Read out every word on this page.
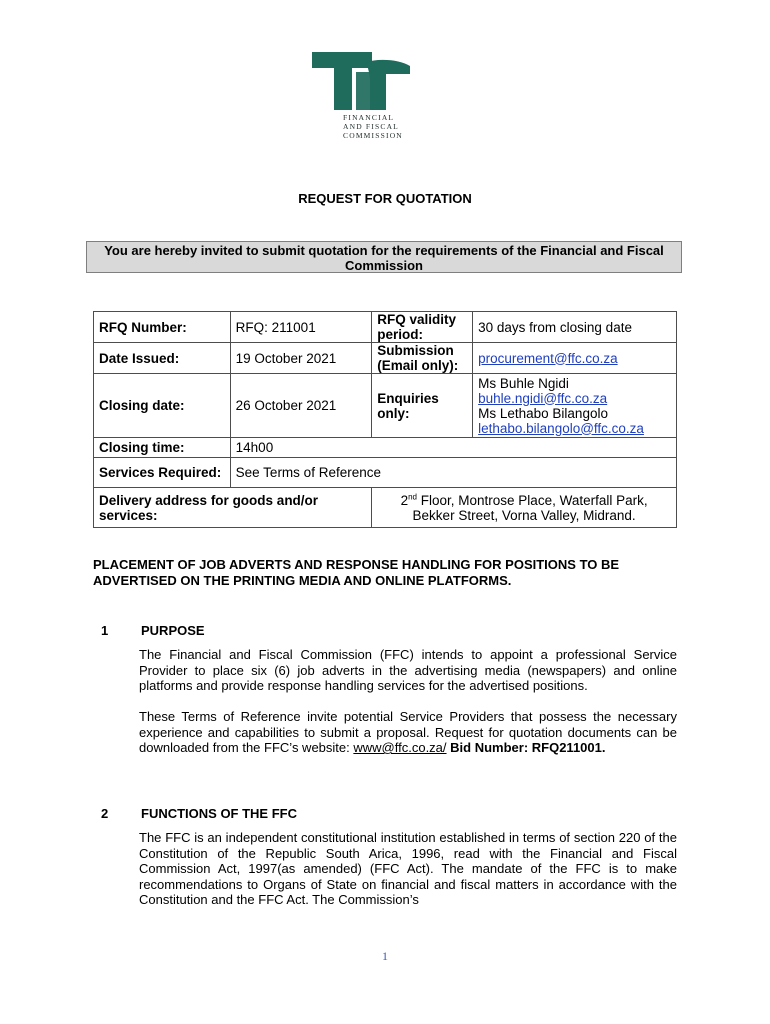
FINANCIAL
AND FISCAL
COMMISSION
REQUEST FOR QUOTATION
You are hereby invited to submit quotation for the requirements of the Financial and Fiscal Commission
RFQ Number:	RFQ: 211001	RFQ validity period:	30 days from closing date
Date Issued:	19 October 2021	Submission (Email only):	procurement@ffc.co.za
Closing date:	26 October 2021	Enquiries only:	Ms Buhle Ngidi
buhle.ngidi@ffc.co.za
Ms Lethabo Bilangolo
lethabo.bilangolo@ffc.co.za

Closing time:	14h00		
Services Required:	See Terms of Reference		
Delivery address for goods and/or services:		2nd Floor, Montrose Place, Waterfall Park,
Bekker Street, Vorna Valley, Midrand.	
PLACEMENT OF JOB ADVERTS AND RESPONSE HANDLING FOR POSITIONS TO BE ADVERTISED ON THE PRINTING MEDIA AND ONLINE PLATFORMS.
1	PURPOSE
The Financial and Fiscal Commission (FFC) intends to appoint a professional Service Provider to place six (6) job adverts in the advertising media (newspapers) and online platforms and provide response handling services for the advertised positions.
These Terms of Reference invite potential Service Providers that possess the necessary experience and capabilities to submit a proposal. Request for quotation documents can be downloaded from the FFC’s website: www@ffc.co.za/ Bid Number: RFQ211001.
2	FUNCTIONS OF THE FFC
The FFC is an independent constitutional institution established in terms of section 220 of the Constitution of the Republic South Arica, 1996, read with the Financial and Fiscal Commission Act, 1997(as amended) (FFC Act). The mandate of the FFC is to make recommendations to Organs of State on financial and fiscal matters in accordance with the Constitution and the FFC Act. The Commission’s
1
